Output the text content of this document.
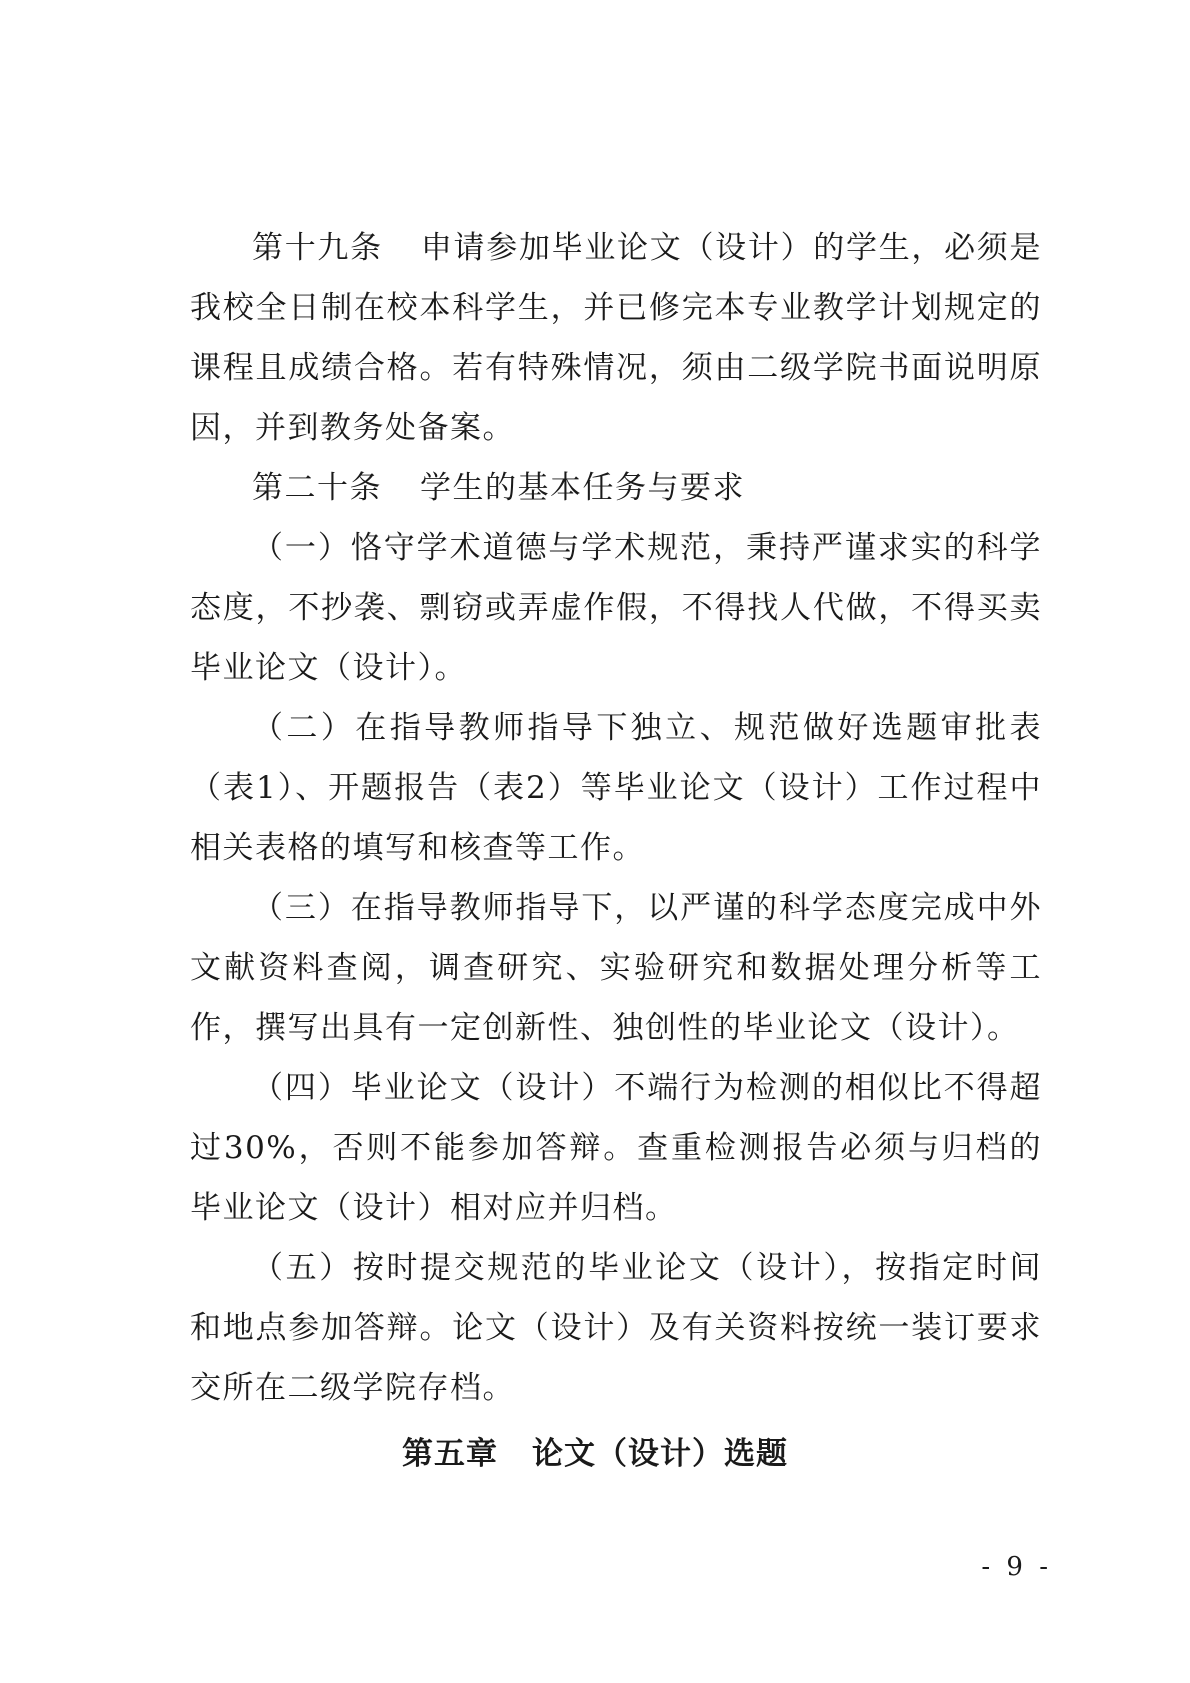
第十九条 申请参加毕业论文（设计）的学生，必须是我校全日制在校本科学生，并已修完本专业教学计划规定的课程且成绩合格。若有特殊情况，须由二级学院书面说明原因，并到教务处备案。

第二十条 学生的基本任务与要求

（一）恪守学术道德与学术规范，秉持严谨求实的科学态度，不抄袭、剽窃或弄虚作假，不得找人代做，不得买卖毕业论文（设计）。

（二）在指导教师指导下独立、规范做好选题审批表（表1）、开题报告（表2）等毕业论文（设计）工作过程中相关表格的填写和核查等工作。

（三）在指导教师指导下，以严谨的科学态度完成中外文献资料查阅，调查研究、实验研究和数据处理分析等工作，撰写出具有一定创新性、独创性的毕业论文（设计）。

（四）毕业论文（设计）不端行为检测的相似比不得超过30%，否则不能参加答辩。查重检测报告必须与归档的毕业论文（设计）相对应并归档。

（五）按时提交规范的毕业论文（设计），按指定时间和地点参加答辩。论文（设计）及有关资料按统一装订要求交所在二级学院存档。

第五章 论文（设计）选题
- 9 -
